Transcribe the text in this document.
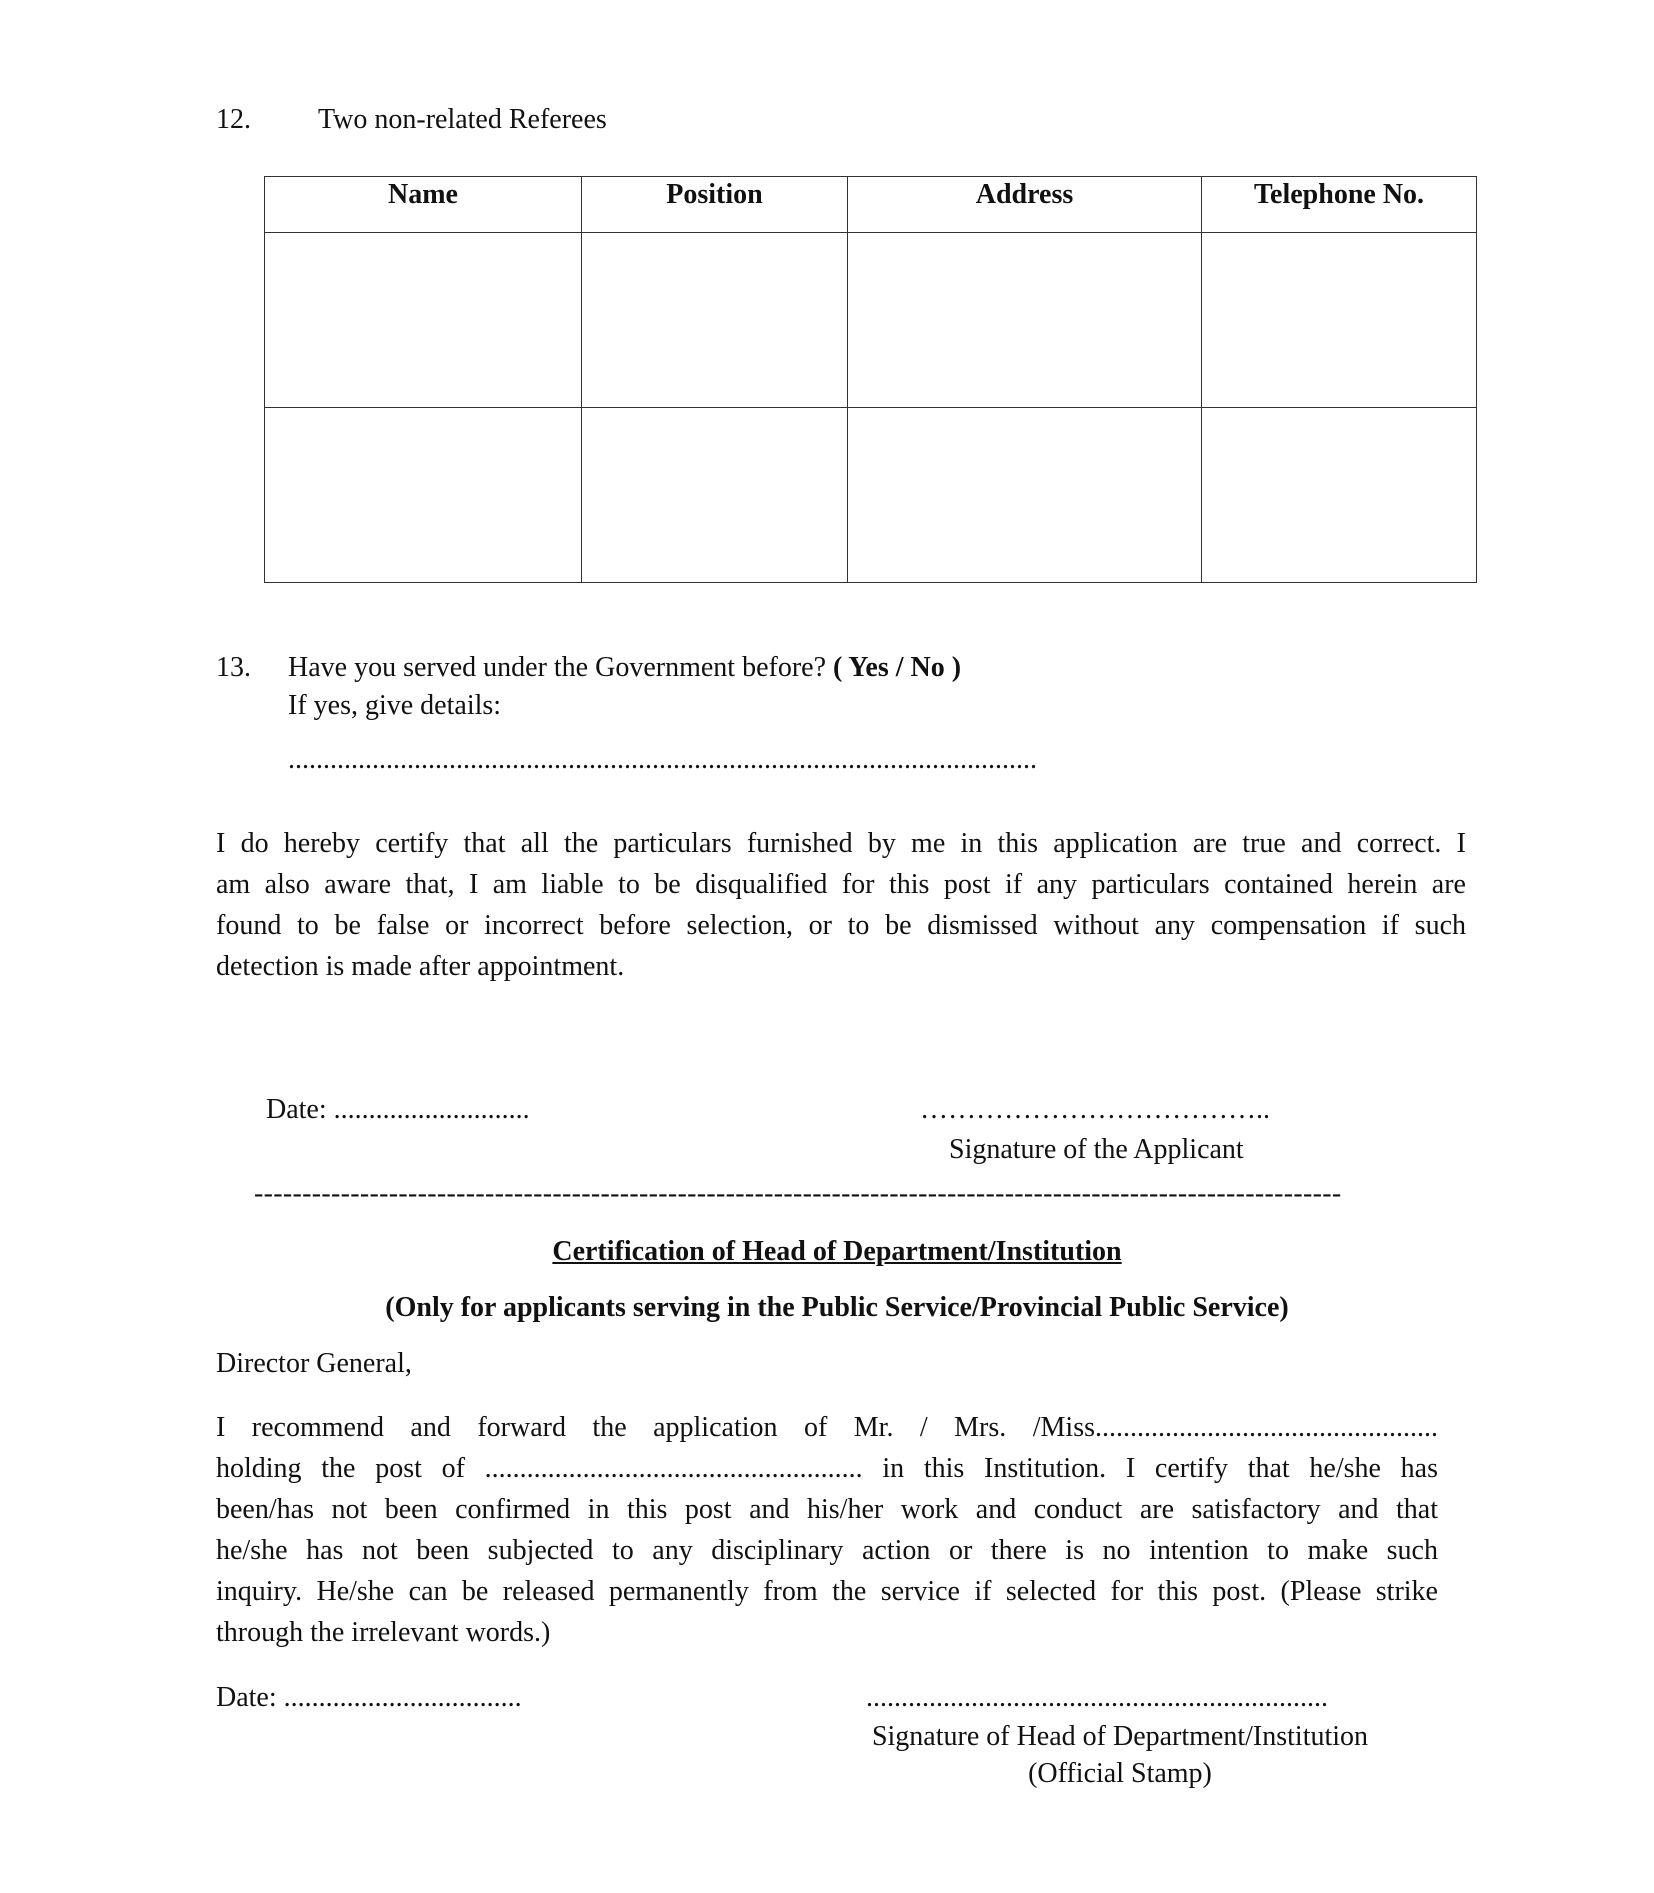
12. Two non-related Referees
Name	Position	Address	Telephone No.

13. Have you served under the Government before? ( Yes / No )
If yes, give details:
...........................................................................................................
I do hereby certify that all the particulars furnished by me in this application are true and correct. I
am also aware that, I am liable to be disqualified for this post if any particulars contained herein are
found to be false or incorrect before selection, or to be dismissed without any compensation if such
detection is made after appointment.
Date: ............................	………………………………..
Signature of the Applicant
-----------------------------------------------------------------------------------------------------------------
Certification of Head of Department/Institution
(Only for applicants serving in the Public Service/Provincial Public Service)
Director General,
I recommend and forward the application of Mr. / Mrs. /Miss.................................................
holding the post of ...................................................... in this Institution. I certify that he/she has
been/has not been confirmed in this post and his/her work and conduct are satisfactory and that
he/she has not been subjected to any disciplinary action or there is no intention to make such
inquiry. He/she can be released permanently from the service if selected for this post. (Please strike
through the irrelevant words.)
Date: ..................................	..................................................................
Signature of Head of Department/Institution
(Official Stamp)
